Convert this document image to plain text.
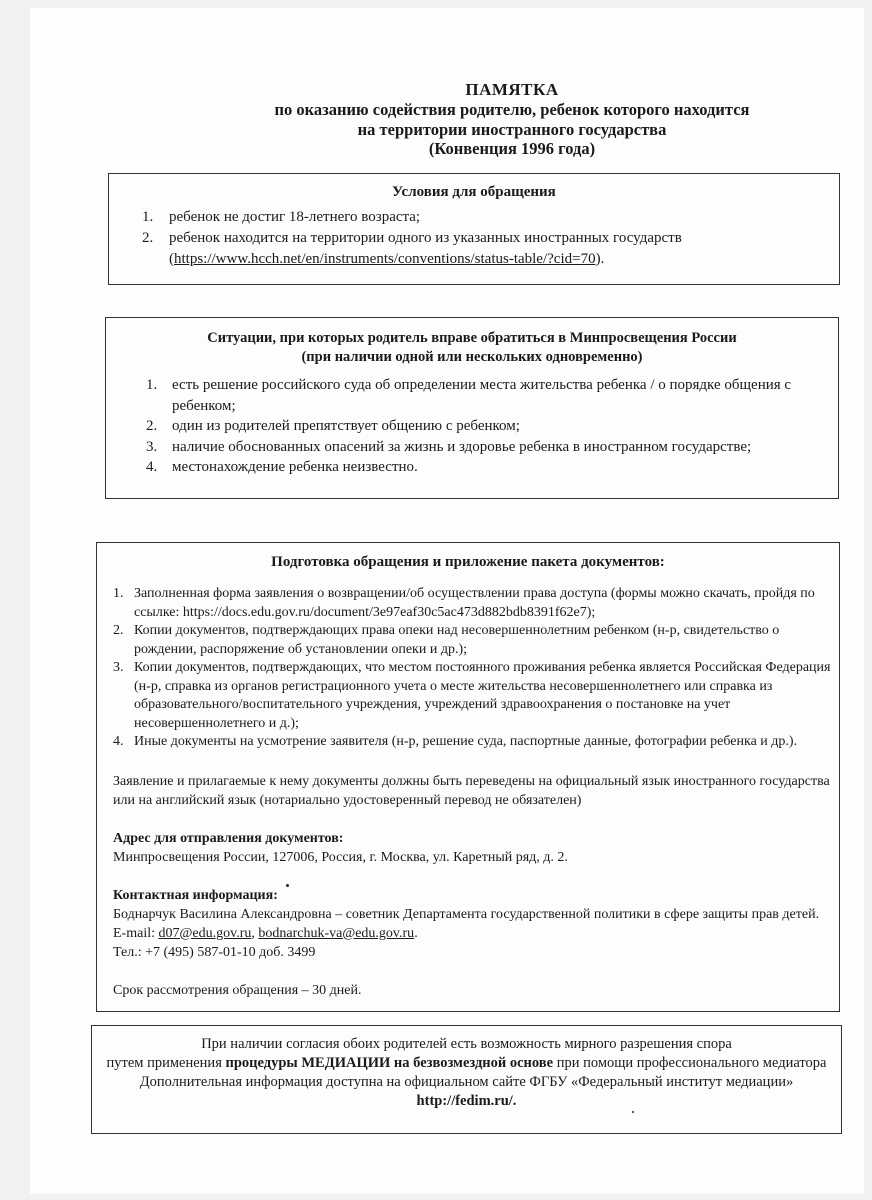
ПАМЯТКА
по оказанию содействия родителю, ребенок которого находится
на территории иностранного государства
(Конвенция 1996 года)
Условия для обращения
1. ребенок не достиг 18-летнего возраста;
2. ребенок находится на территории одного из указанных иностранных государств
(https://www.hcch.net/en/instruments/conventions/status-table/?cid=70).
Ситуации, при которых родитель вправе обратиться в Минпросвещения России
(при наличии одной или нескольких одновременно)
1. есть решение российского суда об определении места жительства ребенка / о порядке общения с ребенком;
2. один из родителей препятствует общению с ребенком;
3. наличие обоснованных опасений за жизнь и здоровье ребенка в иностранном государстве;
4. местонахождение ребенка неизвестно.
Подготовка обращения и приложение пакета документов:
1. Заполненная форма заявления о возвращении/об осуществлении права доступа (формы можно скачать, пройдя по ссылке: https://docs.edu.gov.ru/document/3e97eaf30c5ac473d882bdb8391f62e7);
2. Копии документов, подтверждающих права опеки над несовершеннолетним ребенком (н-р, свидетельство о рождении, распоряжение об установлении опеки и др.);
3. Копии документов, подтверждающих, что местом постоянного проживания ребенка является Российская Федерация (н-р, справка из органов регистрационного учета о месте жительства несовершеннолетнего или справка из образовательного/воспитательного учреждения, учреждений здравоохранения о постановке на учет несовершеннолетнего и д.);
4. Иные документы на усмотрение заявителя (н-р, решение суда, паспортные данные, фотографии ребенка и др.).
Заявление и прилагаемые к нему документы должны быть переведены на официальный язык иностранного государства или на английский язык (нотариально удостоверенный перевод не обязателен)
Адрес для отправления документов:
Минпросвещения России, 127006, Россия, г. Москва, ул. Каретный ряд, д. 2.
Контактная информация:
Боднарчук Василина Александровна – советник Департамента государственной политики в сфере защиты прав детей.
E-mail: d07@edu.gov.ru, bodnarchuk-va@edu.gov.ru.
Тел.: +7 (495) 587-01-10 доб. 3499
Срок рассмотрения обращения – 30 дней.
При наличии согласия обоих родителей есть возможность мирного разрешения спора
путем применения процедуры МЕДИАЦИИ на безвозмездной основе при помощи профессионального медиатора
Дополнительная информация доступна на официальном сайте ФГБУ «Федеральный институт медиации»
http://fedim.ru/.
